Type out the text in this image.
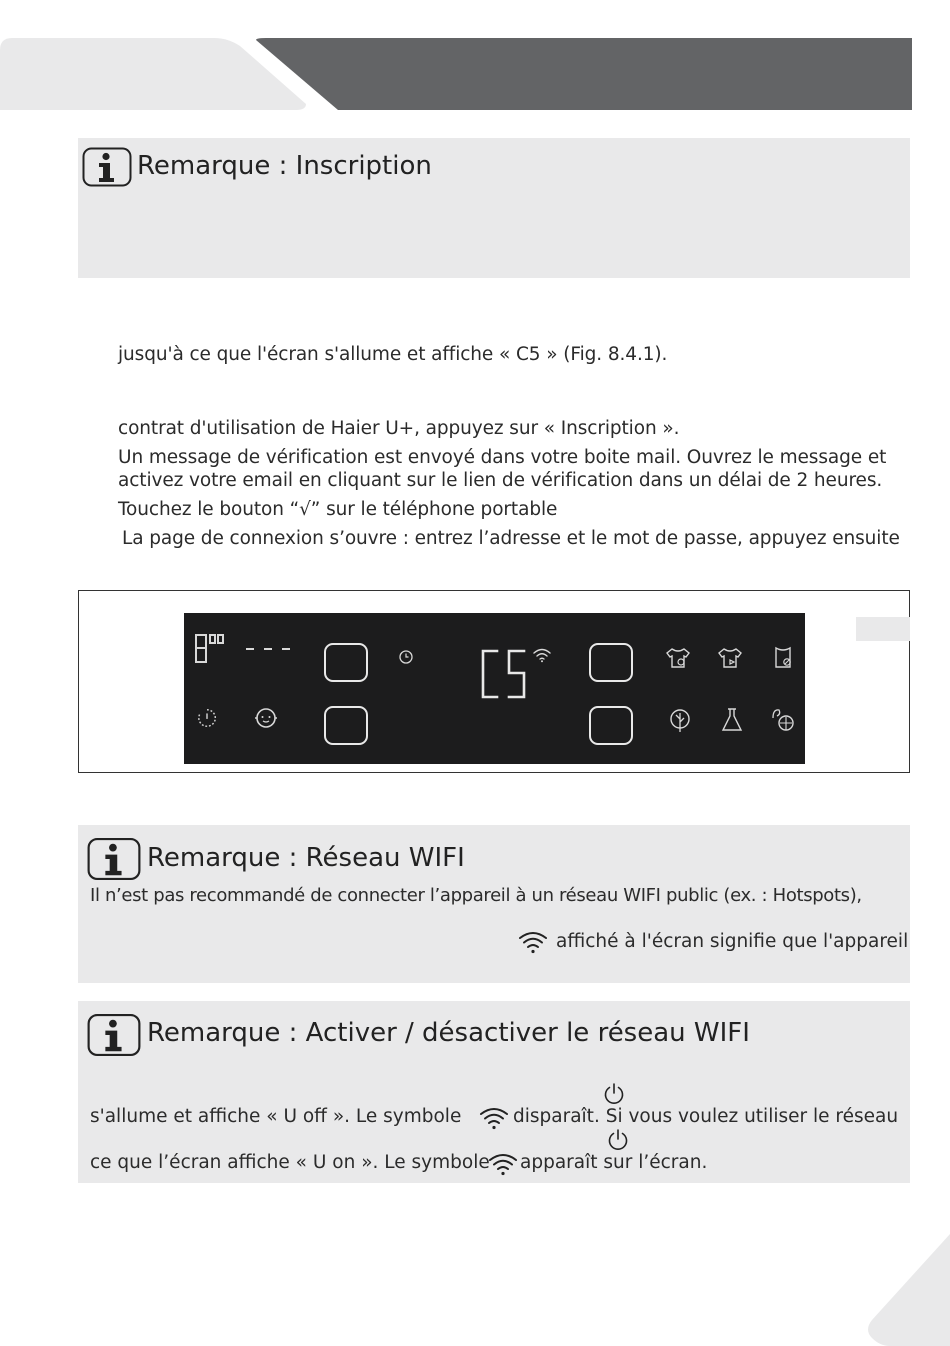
Remarque : Inscription
jusqu'à ce que l'écran s'allume et affiche « C5 » (Fig. 8.4.1).
contrat d'utilisation de Haier U+, appuyez sur « Inscription ».
Un message de vérification est envoyé dans votre boite mail. Ouvrez le message et
activez votre email en cliquant sur le lien de vérification dans un délai de 2 heures.
Touchez le bouton “√” sur le téléphone portable
La page de connexion s’ouvre : entrez l’adresse et le mot de passe, appuyez ensuite
Remarque : Réseau WIFI
Il n’est pas recommandé de connecter l’appareil à un réseau WIFI public (ex. : Hotspots),
affiché à l'écran signifie que l'appareil
Remarque : Activer / désactiver le réseau WIFI
s'allume et affiche « U off ». Le symbole	disparaît. Si vous voulez utiliser le réseau
ce que l’écran affiche « U on ». Le symbole apparaît sur l’écran.
